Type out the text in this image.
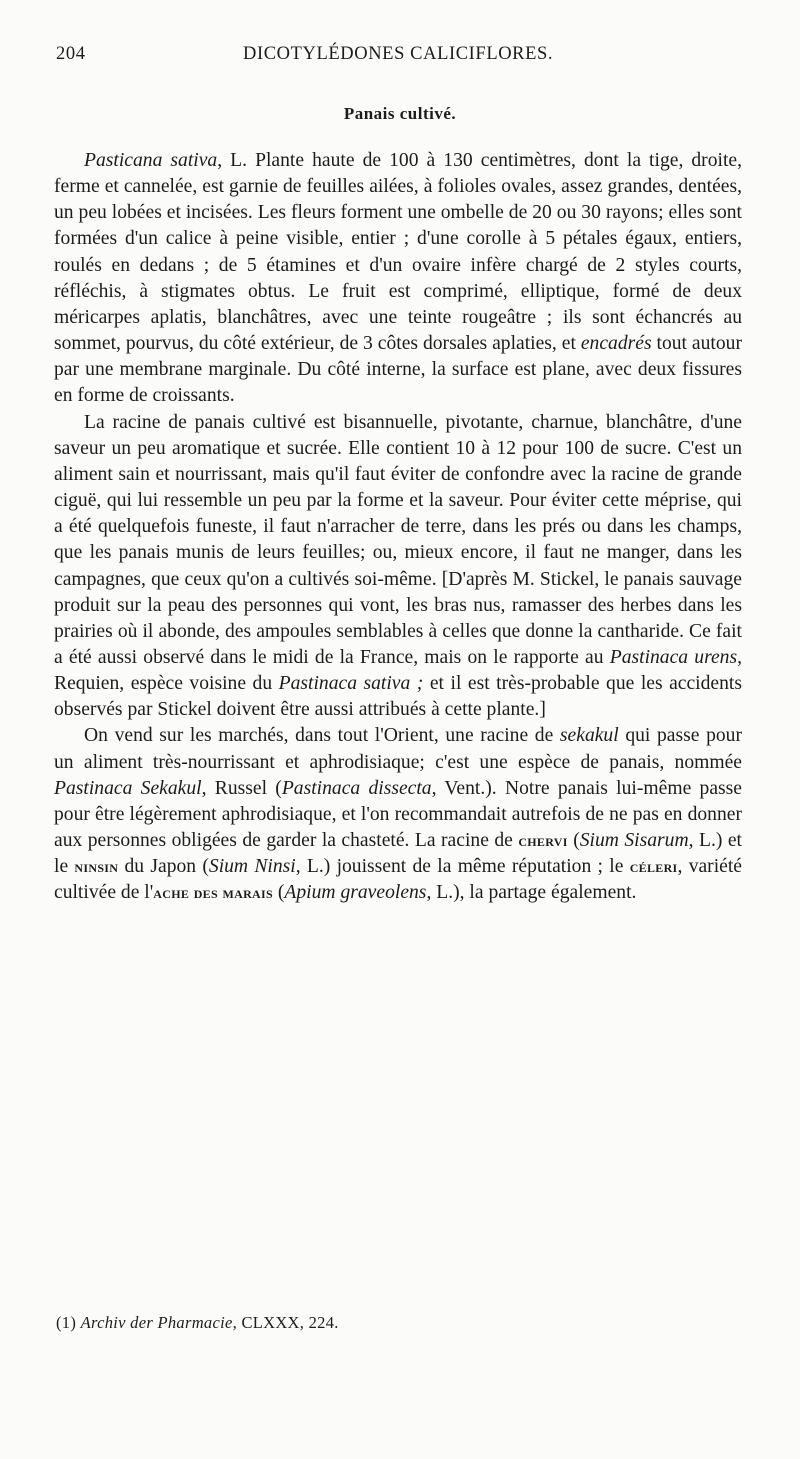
204	DICOTYLÉDONES CALICIFLORES.
Panais cultivé.

Pasticana sativa, L. Plante haute de 100 à 130 centimètres, dont la tige, droite, ferme et cannelée, est garnie de feuilles ailées, à folioles ovales, assez grandes, dentées, un peu lobées et incisées. Les fleurs forment une ombelle de 20 ou 30 rayons; elles sont formées d'un calice à peine visible, entier ; d'une corolle à 5 pétales égaux, entiers, roulés en dedans ; de 5 étamines et d'un ovaire infère chargé de 2 styles courts, réfléchis, à stigmates obtus. Le fruit est comprimé, elliptique, formé de deux méricarpes aplatis, blanchâtres, avec une teinte rougeâtre ; ils sont échancrés au sommet, pourvus, du côté extérieur, de 3 côtes dorsales aplaties, et encadrés tout autour par une membrane marginale. Du côté interne, la surface est plane, avec deux fissures en forme de croissants.

La racine de panais cultivé est bisannuelle, pivotante, charnue, blanchâtre, d'une saveur un peu aromatique et sucrée. Elle contient 10 à 12 pour 100 de sucre. C'est un aliment sain et nourrissant, mais qu'il faut éviter de confondre avec la racine de grande ciguë, qui lui ressemble un peu par la forme et la saveur. Pour éviter cette méprise, qui a été quelquefois funeste, il faut n'arracher de terre, dans les prés ou dans les champs, que les panais munis de leurs feuilles; ou, mieux encore, il faut ne manger, dans les campagnes, que ceux qu'on a cultivés soi-même. [D'après M. Stickel, le panais sauvage produit sur la peau des personnes qui vont, les bras nus, ramasser des herbes dans les prairies où il abonde, des ampoules semblables à celles que donne la cantharide. Ce fait a été aussi observé dans le midi de la France, mais on le rapporte au Pastinaca urens, Requien, espèce voisine du Pastinaca sativa ; et il est très-probable que les accidents observés par Stickel doivent être aussi attribués à cette plante.]

On vend sur les marchés, dans tout l'Orient, une racine de sekakul qui passe pour un aliment très-nourrissant et aphrodisiaque; c'est une espèce de panais, nommée Pastinaca Sekakul, Russel (Pastinaca dissecta, Vent.). Notre panais lui-même passe pour être légèrement aphrodisiaque, et l'on recommandait autrefois de ne pas en donner aux personnes obligées de garder la chasteté. La racine de chervi (Sium Sisarum, L.) et le ninsin du Japon (Sium Ninsi, L.) jouissent de la même réputation ; le céleri, variété cultivée de l'ache des marais (Apium graveolens, L.), la partage également.

(1) Archiv der Pharmacie, CLXXX, 224.
